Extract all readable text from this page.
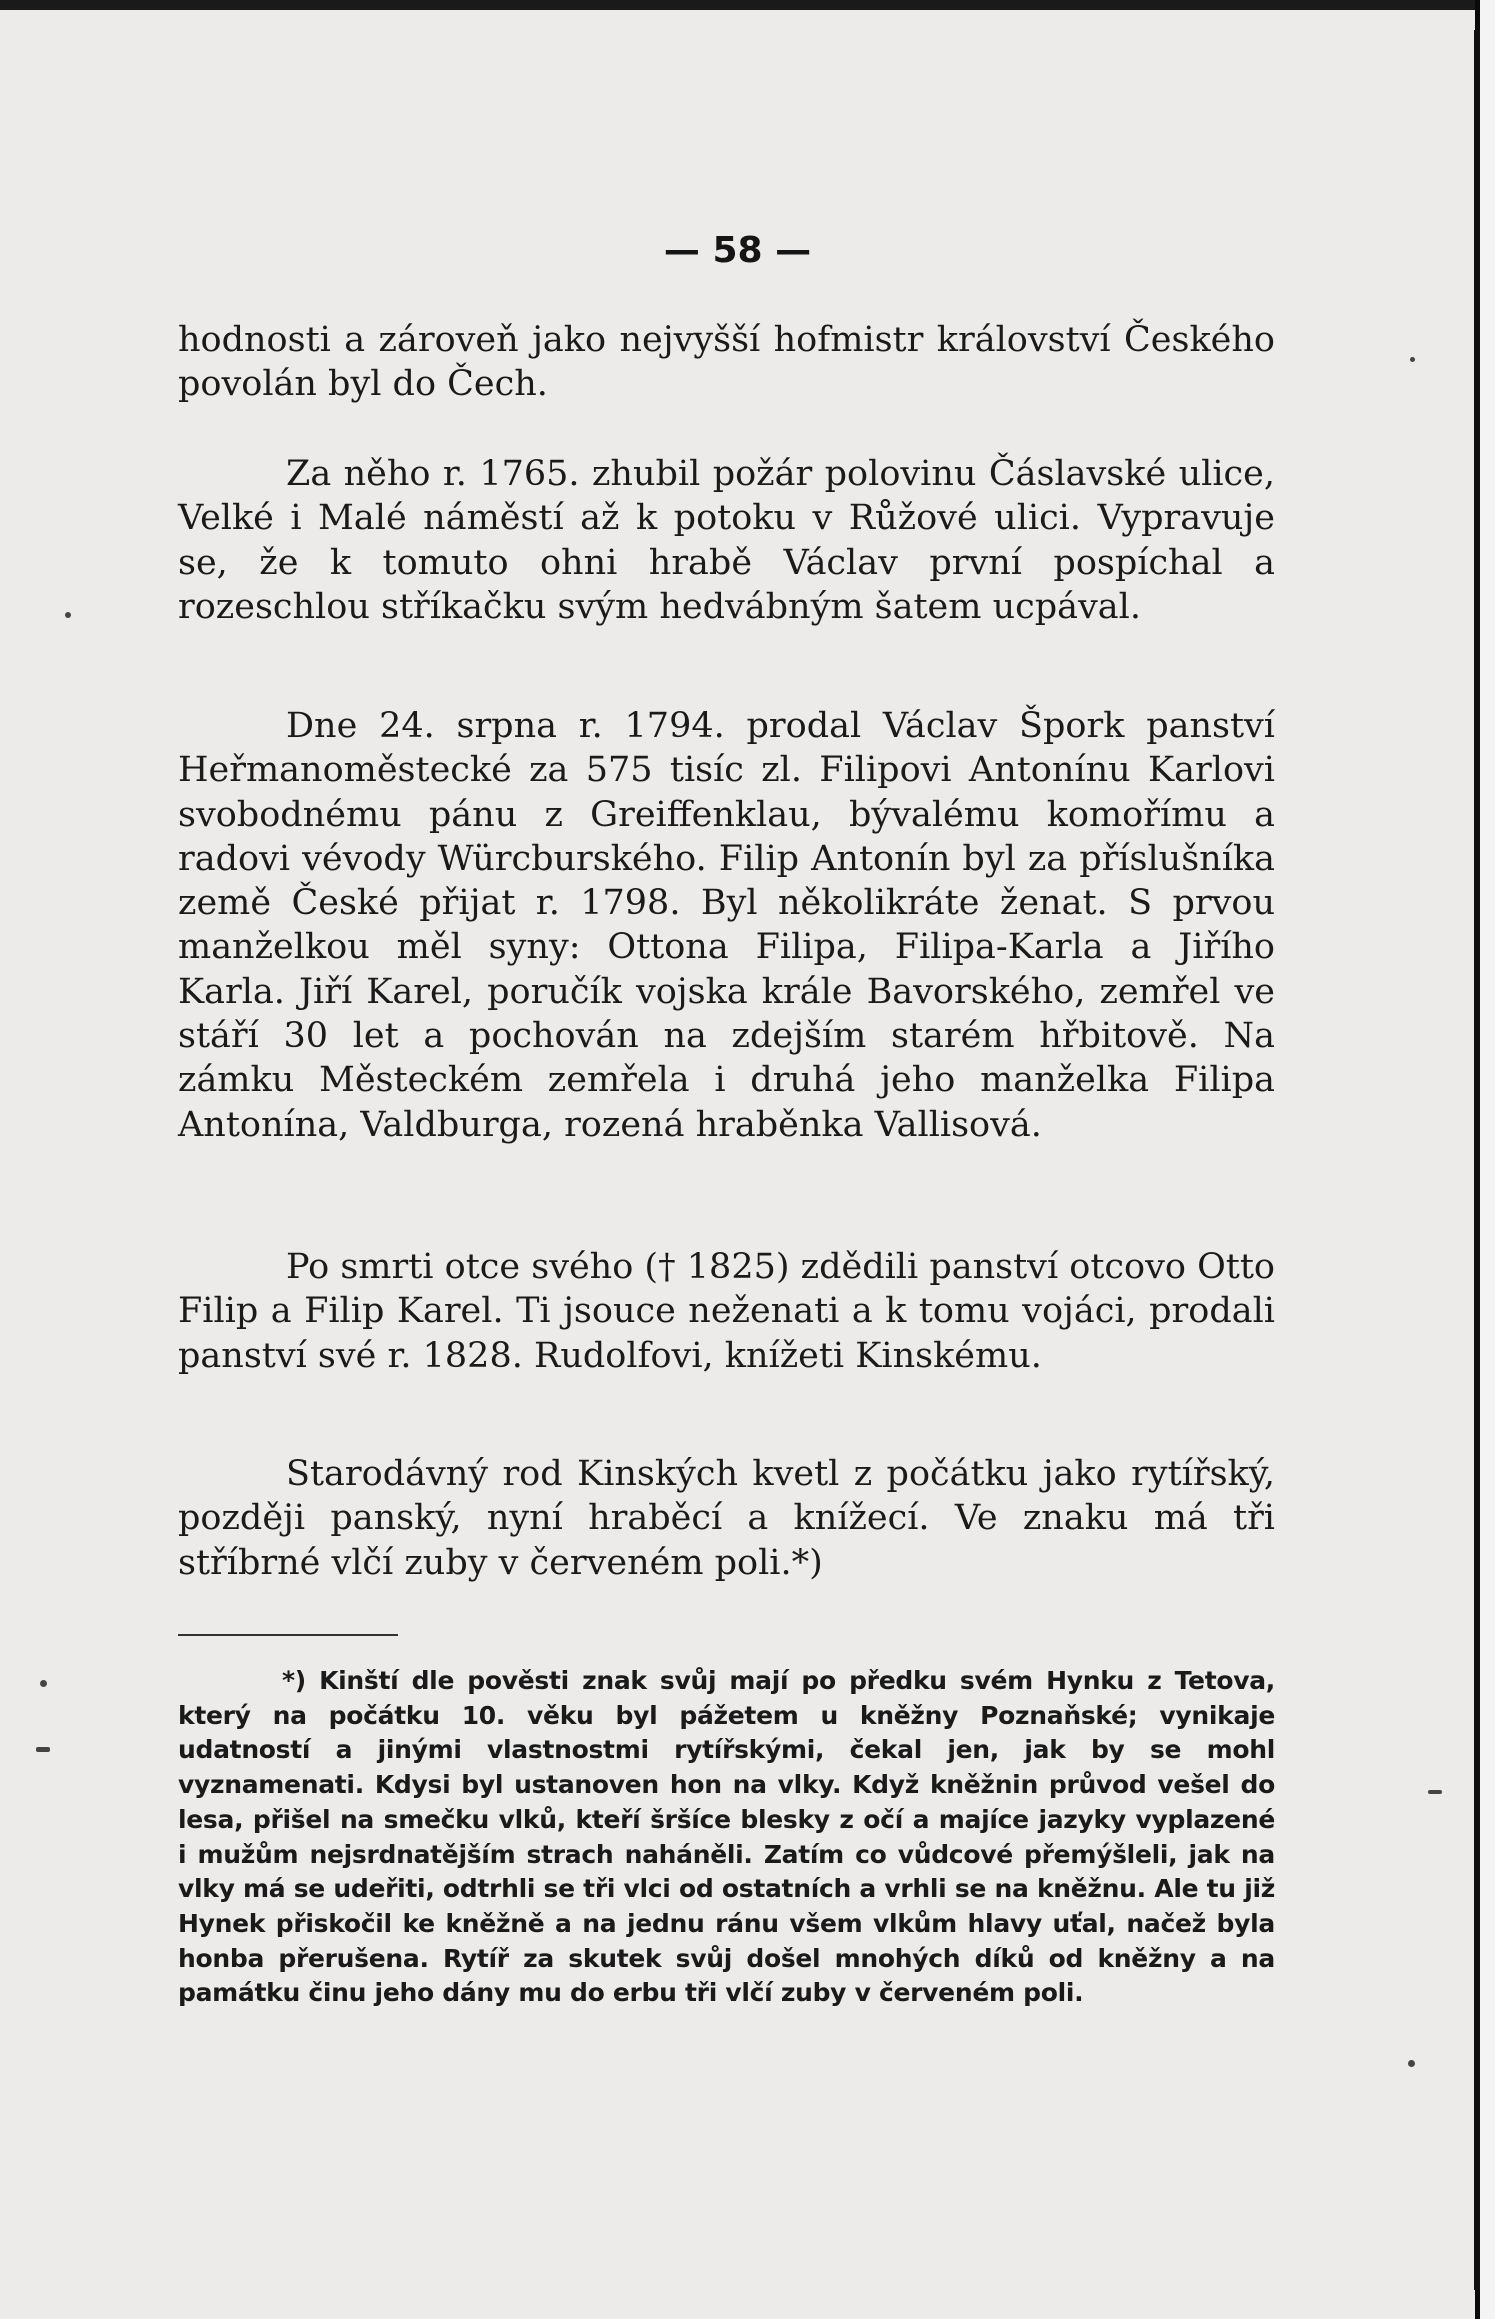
— 58 —

hodnosti a zároveň jako nejvyšší hofmistr království Českého povolán byl do Čech.

Za něho r. 1765. zhubil požár polovinu Čáslavské ulice, Velké i Malé náměstí až k potoku v Růžové ulici. Vypravuje se, že k tomuto ohni hrabě Václav první pospíchal a rozeschlou stříkačku svým hedvábným šatem ucpával.

Dne 24. srpna r. 1794. prodal Václav Špork panství Heřmanoměstecké za 575 tisíc zl. Filipovi Antonínu Karlovi svobodnému pánu z Greiffenklau, bývalému komořímu a radovi vévody Würcburského. Filip Antonín byl za příslušníka země České přijat r. 1798. Byl několikráte ženat. S prvou manželkou měl syny: Ottona Filipa, Filipa-Karla a Jiřího Karla. Jiří Karel, poručík vojska krále Bavorského, zemřel ve stáří 30 let a pochován na zdejším starém hřbitově. Na zámku Městeckém zemřela i druhá jeho manželka Filipa Antonína, Valdburga, rozená hraběnka Vallisová.

Po smrti otce svého († 1825) zdědili panství otcovo Otto Filip a Filip Karel. Ti jsouce neženati a k tomu vojáci, prodali panství své r. 1828. Rudolfovi, knížeti Kinskému.

Starodávný rod Kinských kvetl z počátku jako rytířský, později panský, nyní hraběcí a knížecí. Ve znaku má tři stříbrné vlčí zuby v červeném poli.*)

*) Kinští dle pověsti znak svůj mají po předku svém Hynku z Tetova, který na počátku 10. věku byl pážetem u kněžny Poznaňské; vynikaje udatností a jinými vlastnostmi rytířskými, čekal jen, jak by se mohl vyznamenati. Kdysi byl ustanoven hon na vlky. Když kněžnin průvod vešel do lesa, přišel na smečku vlků, kteří šršíce blesky z očí a majíce jazyky vyplazené i mužům nejsrdnatějším strach naháněli. Zatím co vůdcové přemýšleli, jak na vlky má se udeřiti, odtrhli se tři vlci od ostatních a vrhli se na kněžnu. Ale tu již Hynek přiskočil ke kněžně a na jednu ránu všem vlkům hlavy uťal, načež byla honba přerušena. Rytíř za skutek svůj došel mnohých díků od kněžny a na památku činu jeho dány mu do erbu tři vlčí zuby v červeném poli.
